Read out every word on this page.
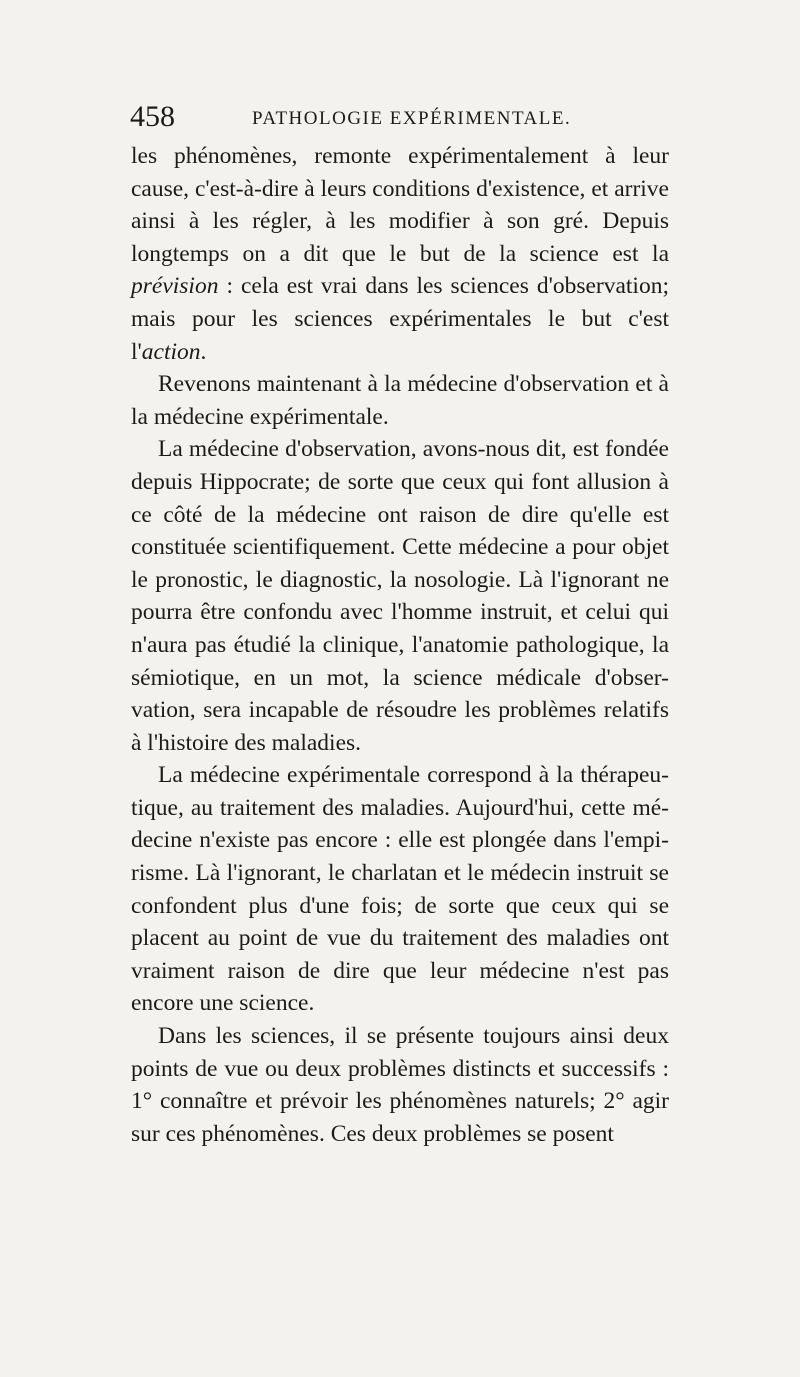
458	PATHOLOGIE EXPÉRIMENTALE.

les phénomènes, remonte expérimentalement à leur cause, c'est-à-dire à leurs conditions d'existence, et arrive ainsi à les régler, à les modifier à son gré. Depuis longtemps on a dit que le but de la science est la prévision : cela est vrai dans les sciences d'observation; mais pour les sciences expérimentales le but c'est l'action.

Revenons maintenant à la médecine d'observation et à la médecine expérimentale.

La médecine d'observation, avons-nous dit, est fondée depuis Hippocrate; de sorte que ceux qui font allusion à ce côté de la médecine ont raison de dire qu'elle est constituée scientifiquement. Cette médecine a pour objet le pronostic, le diagnostic, la nosologie. Là l'ignorant ne pourra être confondu avec l'homme instruit, et celui qui n'aura pas étudié la clinique, l'anatomie pathologique, la sémiotique, en un mot, la science médicale d'obser-vation, sera incapable de résoudre les problèmes relatifs à l'histoire des maladies.

La médecine expérimentale correspond à la thérapeu-tique, au traitement des maladies. Aujourd'hui, cette mé-decine n'existe pas encore : elle est plongée dans l'empi-risme. Là l'ignorant, le charlatan et le médecin instruit se confondent plus d'une fois; de sorte que ceux qui se placent au point de vue du traitement des maladies ont vraiment raison de dire que leur médecine n'est pas encore une science.

Dans les sciences, il se présente toujours ainsi deux points de vue ou deux problèmes distincts et successifs : 1° connaître et prévoir les phénomènes naturels; 2° agir sur ces phénomènes. Ces deux problèmes se posent
